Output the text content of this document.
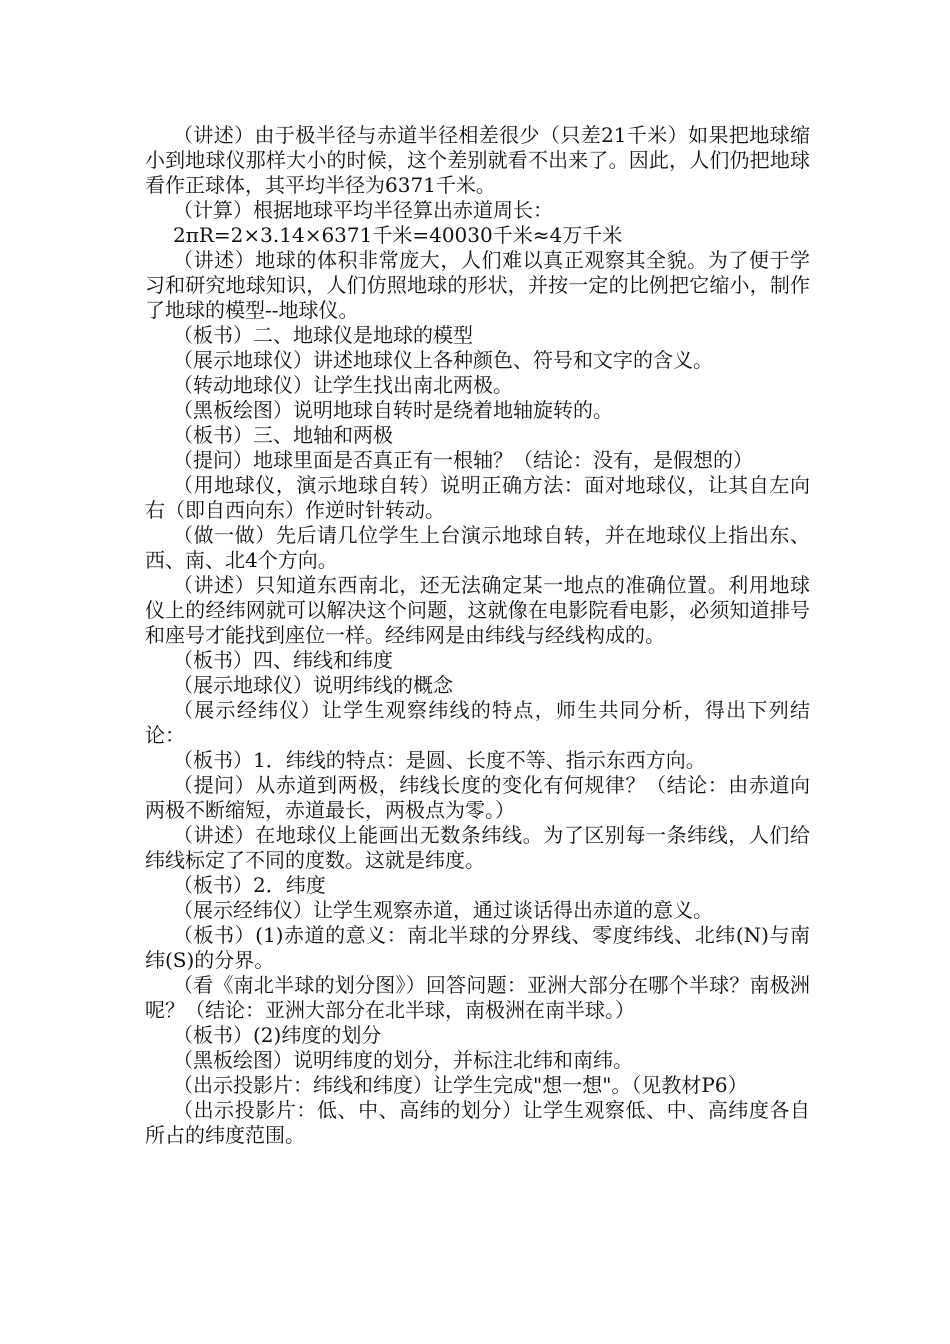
（讲述）由于极半径与赤道半径相差很少（只差21千米）如果把地球缩小到地球仪那样大小的时候，这个差别就看不出来了。因此，人们仍把地球看作正球体，其平均半径为6371千米。

（计算）根据地球平均半径算出赤道周长：

2πR=2×3.14×6371千米=40030千米≈4万千米

（讲述）地球的体积非常庞大，人们难以真正观察其全貌。为了便于学习和研究地球知识，人们仿照地球的形状，并按一定的比例把它缩小，制作了地球的模型--地球仪。

（板书）二、地球仪是地球的模型

（展示地球仪）讲述地球仪上各种颜色、符号和文字的含义。

（转动地球仪）让学生找出南北两极。

（黑板绘图）说明地球自转时是绕着地轴旋转的。

（板书）三、地轴和两极

（提问）地球里面是否真正有一根轴？（结论：没有，是假想的）

（用地球仪，演示地球自转）说明正确方法：面对地球仪，让其自左向右（即自西向东）作逆时针转动。

（做一做）先后请几位学生上台演示地球自转，并在地球仪上指出东、西、南、北4个方向。

（讲述）只知道东西南北，还无法确定某一地点的准确位置。利用地球仪上的经纬网就可以解决这个问题，这就像在电影院看电影，必须知道排号和座号才能找到座位一样。经纬网是由纬线与经线构成的。

（板书）四、纬线和纬度

（展示地球仪）说明纬线的概念

（展示经纬仪）让学生观察纬线的特点，师生共同分析，得出下列结论：

（板书）1．纬线的特点：是圆、长度不等、指示东西方向。

（提问）从赤道到两极，纬线长度的变化有何规律？（结论：由赤道向两极不断缩短，赤道最长，两极点为零。）

（讲述）在地球仪上能画出无数条纬线。为了区别每一条纬线，人们给纬线标定了不同的度数。这就是纬度。

（板书）2．纬度

（展示经纬仪）让学生观察赤道，通过谈话得出赤道的意义。

（板书）(1)赤道的意义：南北半球的分界线、零度纬线、北纬(N)与南纬(S)的分界。

（看《南北半球的划分图》）回答问题：亚洲大部分在哪个半球？南极洲呢？（结论：亚洲大部分在北半球，南极洲在南半球。）

（板书）(2)纬度的划分

（黑板绘图）说明纬度的划分，并标注北纬和南纬。

（出示投影片：纬线和纬度）让学生完成"想一想"。（见教材P6）

（出示投影片：低、中、高纬的划分）让学生观察低、中、高纬度各自所占的纬度范围。
